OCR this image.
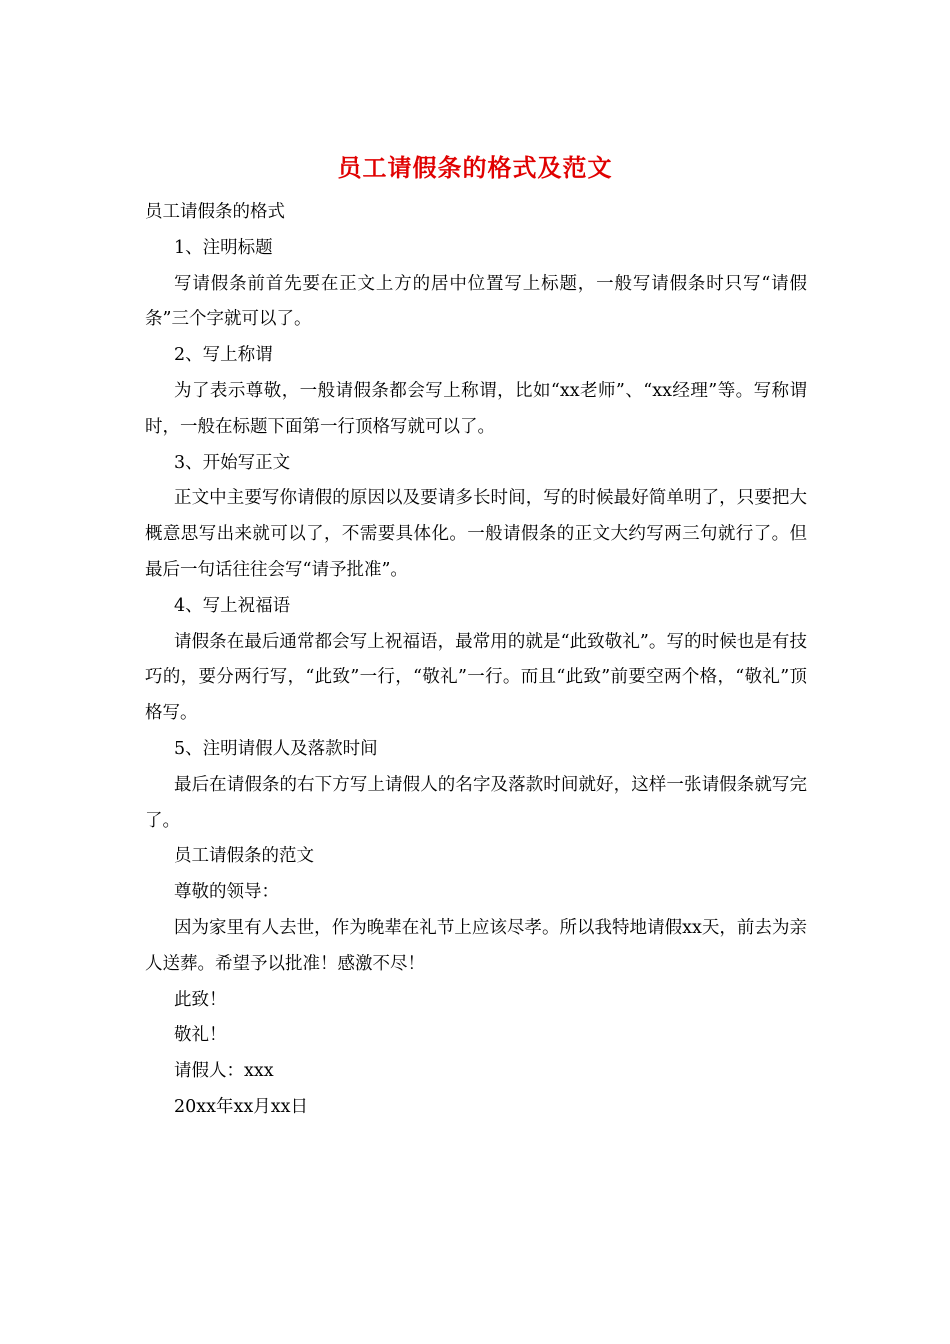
员工请假条的格式及范文

员工请假条的格式

1、注明标题

写请假条前首先要在正文上方的居中位置写上标题，一般写请假条时只写“请假条”三个字就可以了。

2、写上称谓

为了表示尊敬，一般请假条都会写上称谓，比如“xx老师”、“xx经理”等。写称谓时，一般在标题下面第一行顶格写就可以了。

3、开始写正文

正文中主要写你请假的原因以及要请多长时间，写的时候最好简单明了，只要把大概意思写出来就可以了，不需要具体化。一般请假条的正文大约写两三句就行了。但最后一句话往往会写“请予批准”。

4、写上祝福语

请假条在最后通常都会写上祝福语，最常用的就是“此致敬礼”。写的时候也是有技巧的，要分两行写，“此致”一行，“敬礼”一行。而且“此致”前要空两个格，“敬礼”顶格写。

5、注明请假人及落款时间

最后在请假条的右下方写上请假人的名字及落款时间就好，这样一张请假条就写完了。

员工请假条的范文

尊敬的领导：

因为家里有人去世，作为晚辈在礼节上应该尽孝。所以我特地请假xx天，前去为亲人送葬。希望予以批准！感激不尽！

此致！

敬礼！

请假人：xxx

20xx年xx月xx日
